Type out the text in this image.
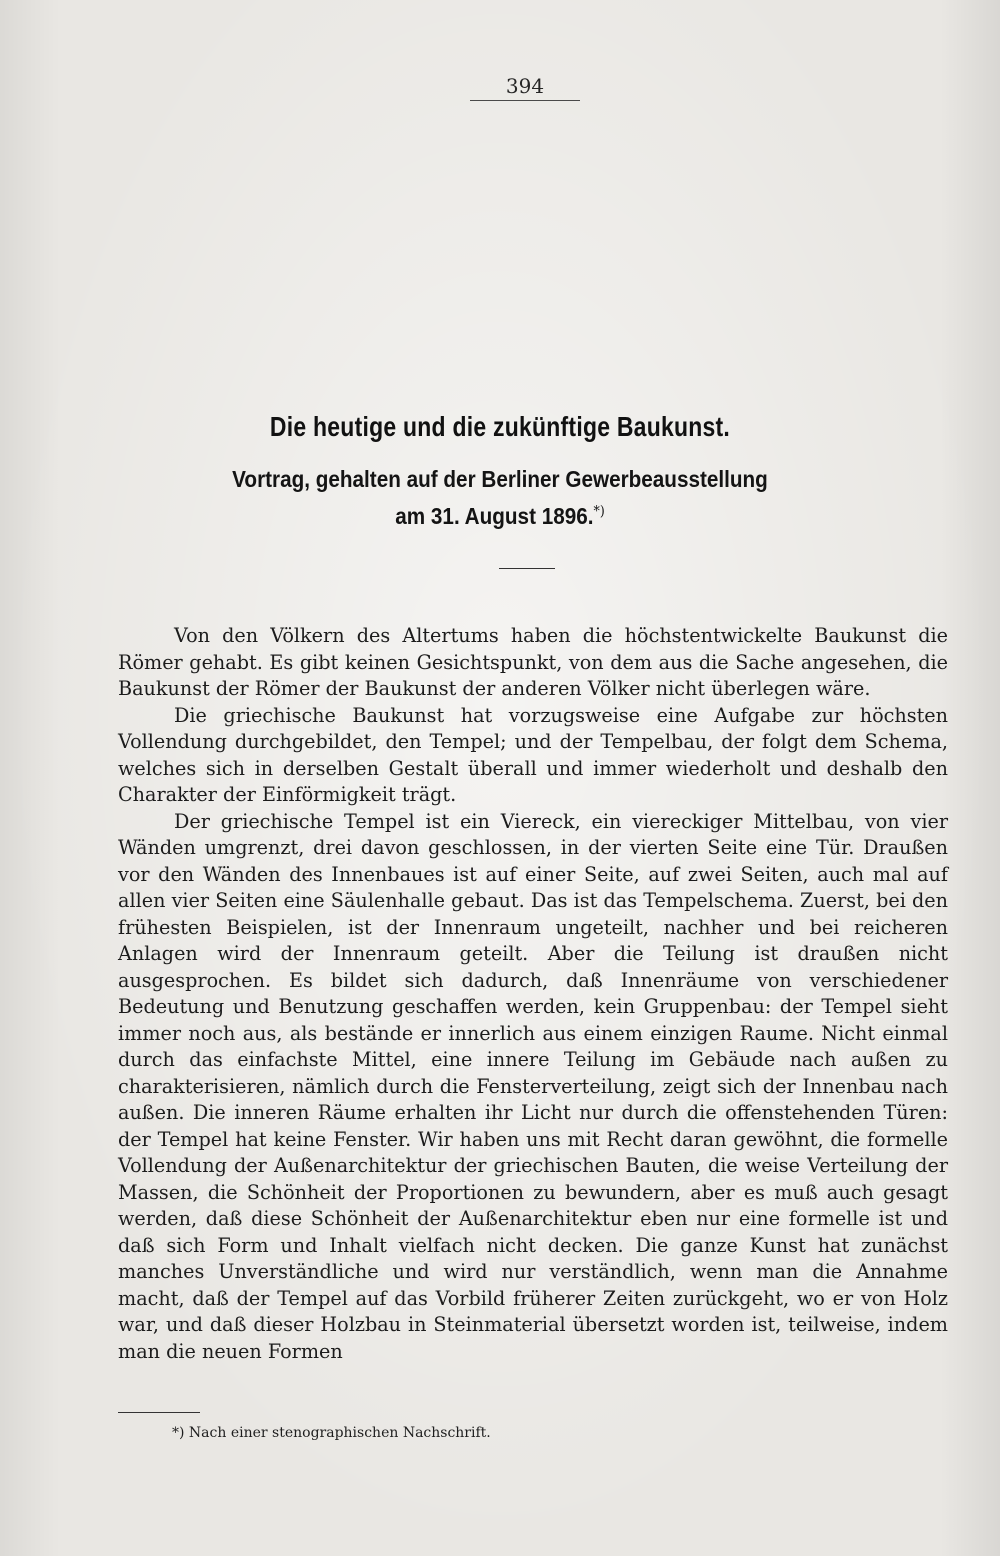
394
Die heutige und die zukünftige Baukunst.
Vortrag, gehalten auf der Berliner Gewerbeausstellung
am 31. August 1896.*)

Von den Völkern des Altertums haben die höchstentwickelte Baukunst die Römer gehabt. Es gibt keinen Gesichtspunkt, von dem aus die Sache angesehen, die Baukunst der Römer der Baukunst der anderen Völker nicht überlegen wäre.

Die griechische Baukunst hat vorzugsweise eine Aufgabe zur höchsten Vollendung durchgebildet, den Tempel; und der Tempelbau, der folgt dem Schema, welches sich in derselben Gestalt überall und immer wiederholt und deshalb den Charakter der Einförmigkeit trägt.

Der griechische Tempel ist ein Viereck, ein viereckiger Mittelbau, von vier Wänden umgrenzt, drei davon geschlossen, in der vierten Seite eine Tür. Draußen vor den Wänden des Innenbaues ist auf einer Seite, auf zwei Seiten, auch mal auf allen vier Seiten eine Säulenhalle gebaut. Das ist das Tempelschema. Zuerst, bei den frühesten Beispielen, ist der Innenraum ungeteilt, nachher und bei reicheren Anlagen wird der Innenraum geteilt. Aber die Teilung ist draußen nicht ausgesprochen. Es bildet sich dadurch, daß Innenräume von verschiedener Bedeutung und Benutzung geschaffen werden, kein Gruppenbau: der Tempel sieht immer noch aus, als bestände er innerlich aus einem einzigen Raume. Nicht einmal durch das einfachste Mittel, eine innere Teilung im Gebäude nach außen zu charakterisieren, nämlich durch die Fensterverteilung, zeigt sich der Innenbau nach außen. Die inneren Räume erhalten ihr Licht nur durch die offenstehenden Türen: der Tempel hat keine Fenster. Wir haben uns mit Recht daran gewöhnt, die formelle Vollendung der Außenarchitektur der griechischen Bauten, die weise Verteilung der Massen, die Schönheit der Proportionen zu bewundern, aber es muß auch gesagt werden, daß diese Schönheit der Außenarchitektur eben nur eine formelle ist und daß sich Form und Inhalt vielfach nicht decken. Die ganze Kunst hat zunächst manches Unverständliche und wird nur verständlich, wenn man die Annahme macht, daß der Tempel auf das Vorbild früherer Zeiten zurückgeht, wo er von Holz war, und daß dieser Holzbau in Steinmaterial übersetzt worden ist, teilweise, indem man die neuen Formen

*) Nach einer stenographischen Nachschrift.
